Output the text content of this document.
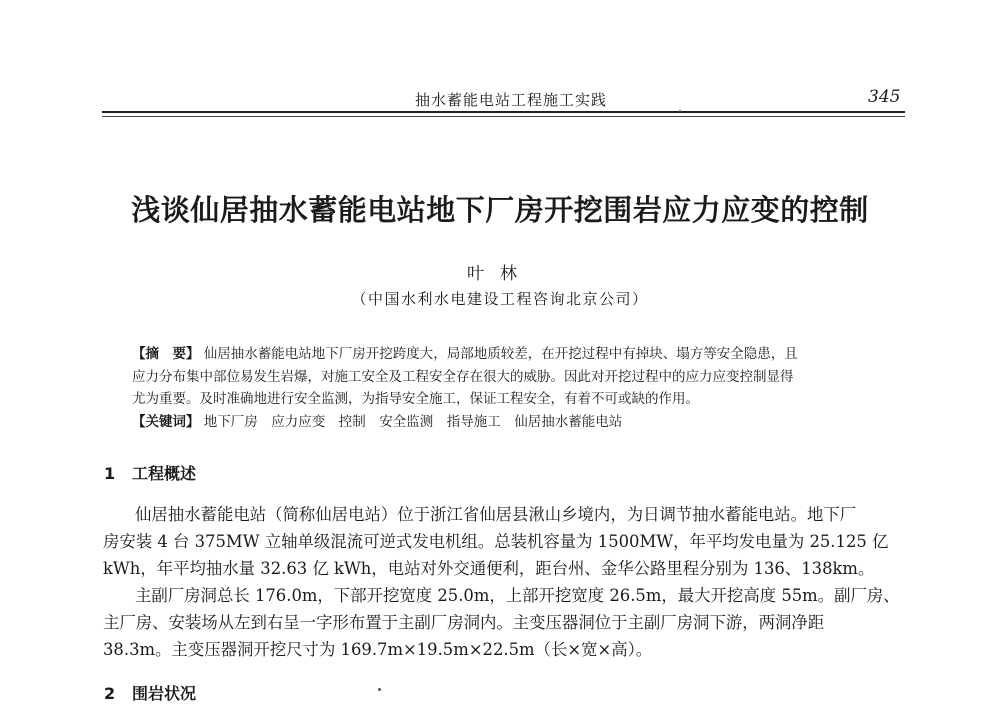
抽水蓄能电站工程施工实践	345
浅谈仙居抽水蓄能电站地下厂房开挖围岩应力应变的控制
叶林
（中国水利水电建设工程咨询北京公司）
【摘　要】 仙居抽水蓄能电站地下厂房开挖跨度大，局部地质较差，在开挖过程中有掉块、塌方等安全隐患，且
应力分布集中部位易发生岩爆，对施工安全及工程安全存在很大的威胁。因此对开挖过程中的应力应变控制显得
尤为重要。及时准确地进行安全监测，为指导安全施工，保证工程安全，有着不可或缺的作用。
【关键词】 地下厂房　应力应变　控制　安全监测　指导施工　仙居抽水蓄能电站
1 工程概述
仙居抽水蓄能电站（简称仙居电站）位于浙江省仙居县湫山乡境内，为日调节抽水蓄能电站。地下厂
房安装 4 台 375MW 立轴单级混流可逆式发电机组。总装机容量为 1500MW，年平均发电量为 25.125 亿
kWh，年平均抽水量 32.63 亿 kWh，电站对外交通便利，距台州、金华公路里程分别为 136、138km。
主副厂房洞总长 176.0m，下部开挖宽度 25.0m，上部开挖宽度 26.5m，最大开挖高度 55m。副厂房、
主厂房、安装场从左到右呈一字形布置于主副厂房洞内。主变压器洞位于主副厂房洞下游，两洞净距
38.3m。主变压器洞开挖尺寸为 169.7m×19.5m×22.5m（长×宽×高）。
2 围岩状况
